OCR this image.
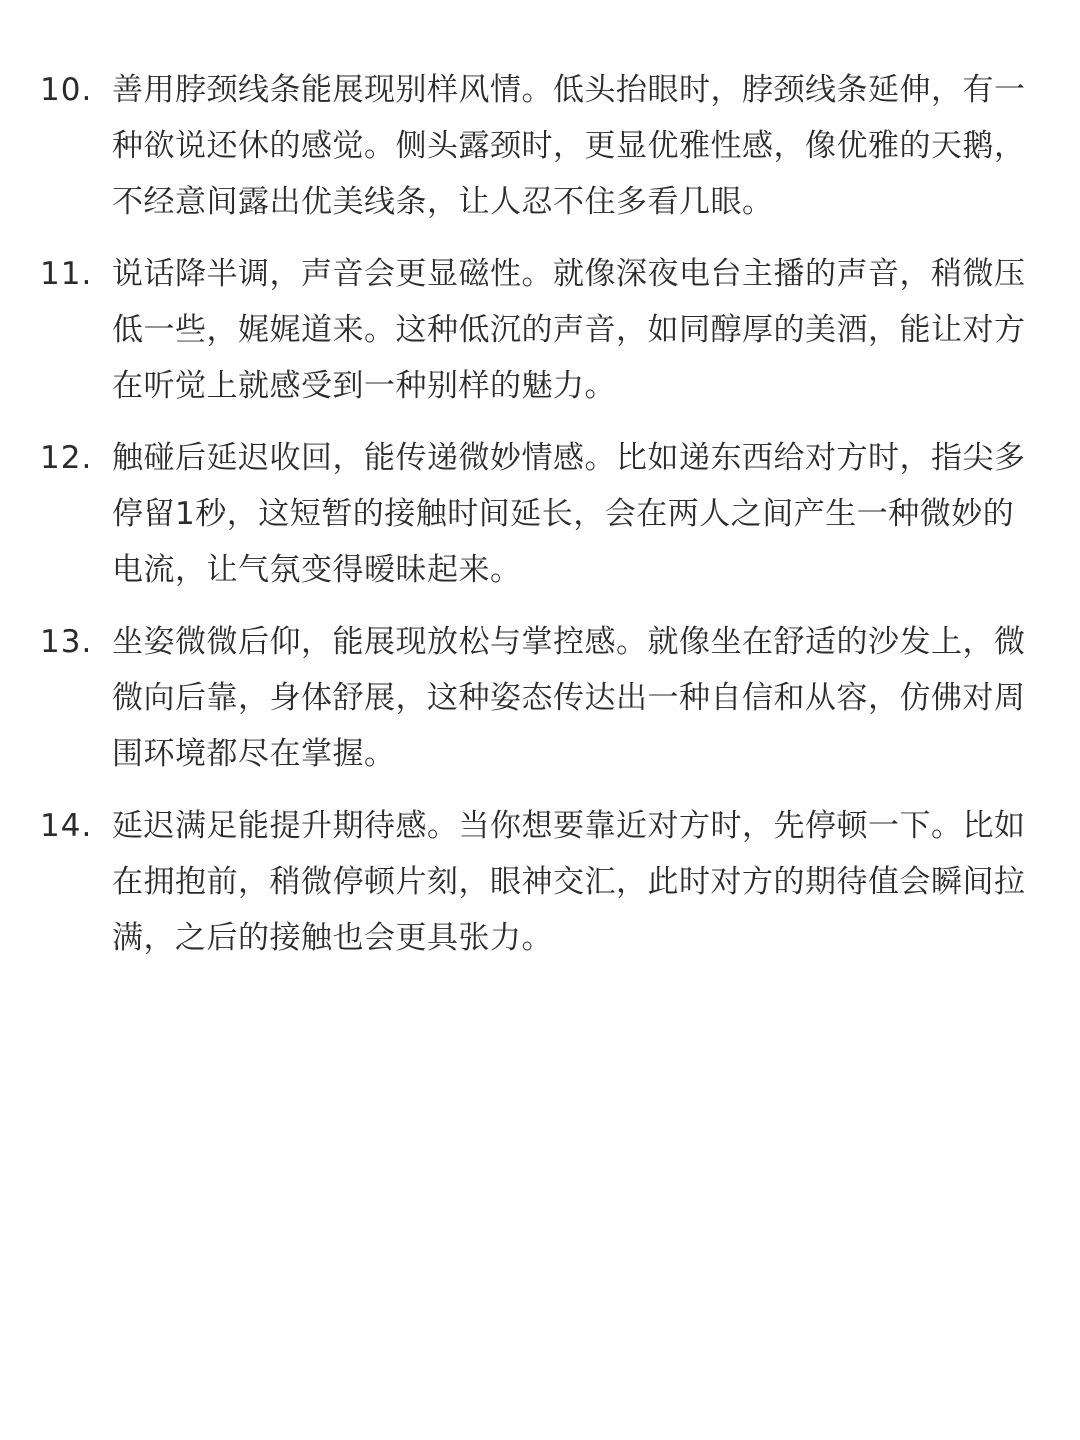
10. 善用脖颈线条能展现别样风情。低头抬眼时，脖颈线条延伸，有一种欲说还休的感觉。侧头露颈时，更显优雅性感，像优雅的天鹅，不经意间露出优美线条，让人忍不住多看几眼。
11. 说话降半调，声音会更显磁性。就像深夜电台主播的声音，稍微压低一些，娓娓道来。这种低沉的声音，如同醇厚的美酒，能让对方在听觉上就感受到一种别样的魅力。
12. 触碰后延迟收回，能传递微妙情感。比如递东西给对方时，指尖多停留1秒，这短暂的接触时间延长，会在两人之间产生一种微妙的电流，让气氛变得暧昧起来。
13. 坐姿微微后仰，能展现放松与掌控感。就像坐在舒适的沙发上，微微向后靠，身体舒展，这种姿态传达出一种自信和从容，仿佛对周围环境都尽在掌握。
14. 延迟满足能提升期待感。当你想要靠近对方时，先停顿一下。比如在拥抱前，稍微停顿片刻，眼神交汇，此时对方的期待值会瞬间拉满，之后的接触也会更具张力。
